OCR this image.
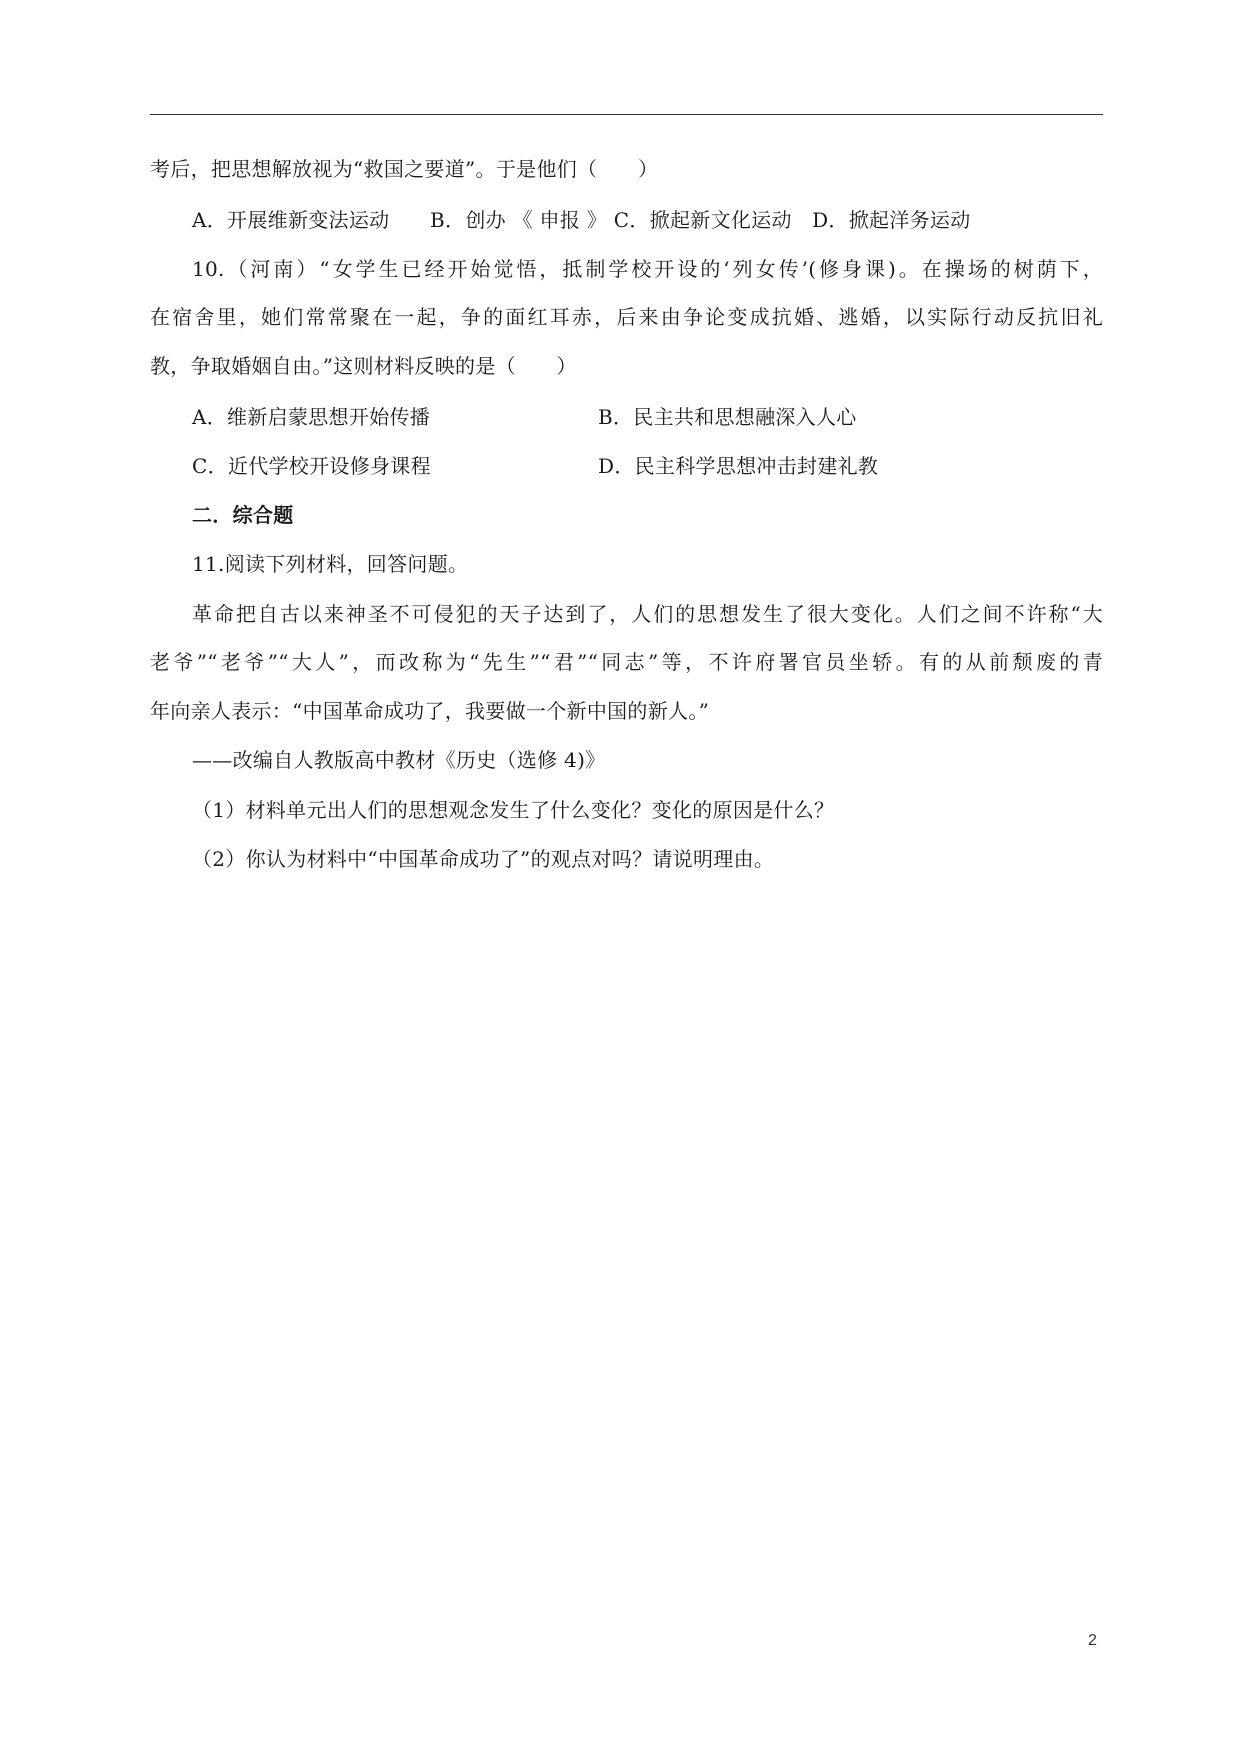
考后，把思想解放视为“救国之要道”。于是他们（　　）
A．开展维新变法运动　　B．创办 《 申报 》 C．掀起新文化运动　D．掀起洋务运动
10.（河南）“女学生已经开始觉悟，抵制学校开设的‘列女传’(修身课)。在操场的树荫下，
在宿舍里，她们常常聚在一起，争的面红耳赤，后来由争论变成抗婚、逃婚，以实际行动反抗旧礼
教，争取婚姻自由。”这则材料反映的是（　　）
A．维新启蒙思想开始传播	B．民主共和思想融深入人心
C．近代学校开设修身课程	D．民主科学思想冲击封建礼教
二．综合题
11.阅读下列材料，回答问题。
革命把自古以来神圣不可侵犯的天子达到了，人们的思想发生了很大变化。人们之间不许称“大
老爷”“老爷”“大人”，而改称为“先生”“君”“同志”等，不许府署官员坐轿。有的从前颓废的青
年向亲人表示：“中国革命成功了，我要做一个新中国的新人。”
——改编自人教版高中教材《历史（选修 4)》
（1）材料单元出人们的思想观念发生了什么变化？变化的原因是什么？
（2）你认为材料中“中国革命成功了”的观点对吗？请说明理由。
2
